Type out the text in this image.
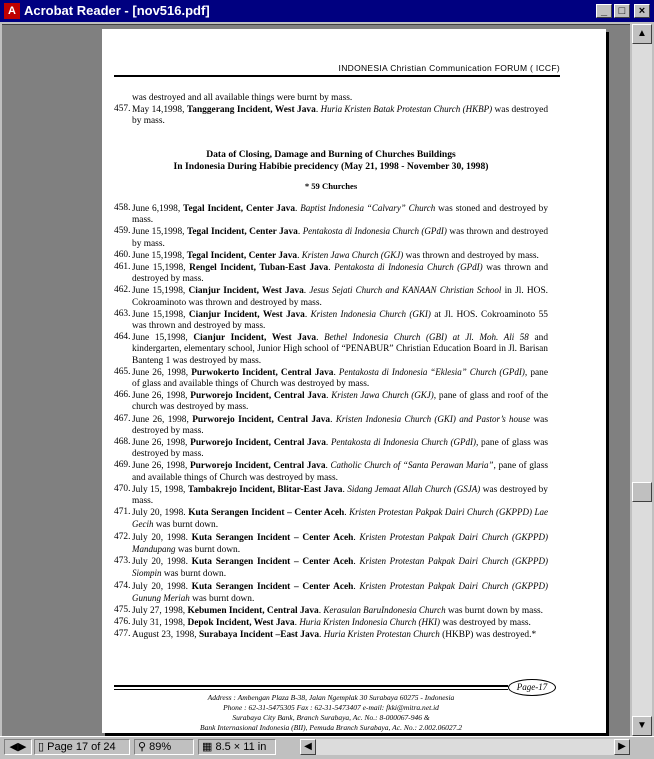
A Acrobat Reader - [nov516.pdf]	_	□	×
INDONESIA Christian Communication FORUM ( ICCF)
was destroyed and all available things were burnt by mass.
457. May 14,1998, Tanggerang Incident, West Java. Huria Kristen Batak Protestan Church (HKBP) was destroyed by mass.
Data of Closing, Damage and Burning of Churches Buildings
In Indonesia During Habibie precidency (May 21, 1998 - November 30, 1998)
* 59 Churches
458. June 6,1998, Tegal Incident, Center Java. Baptist Indonesia “Calvary” Church was stoned and destroyed by mass.
459. June 15,1998, Tegal Incident, Center Java. Pentakosta di Indonesia Church (GPdI) was thrown and destroyed by mass.
460. June 15,1998, Tegal Incident, Center Java. Kristen Jawa Church (GKJ) was thrown and destroyed by mass.
461. June 15,1998, Rengel Incident, Tuban-East Java. Pentakosta di Indonesia Church (GPdI) was thrown and destroyed by mass.
462. June 15,1998, Cianjur Incident, West Java. Jesus Sejati Church and KANAAN Christian School in Jl. HOS. Cokroaminoto was thrown and destroyed by mass.
463. June 15,1998, Cianjur Incident, West Java. Kristen Indonesia Church (GKI) at Jl. HOS. Cokroaminoto 55 was thrown and destroyed by mass.
464. June 15,1998, Cianjur Incident, West Java. Bethel Indonesia Church (GBI) at Jl. Moh. Ali 58 and kindergarten, elementary school, Junior High school of “PENABUR” Christian Education Board in Jl. Barisan Banteng 1 was destroyed by mass.
465. June 26, 1998, Purwokerto Incident, Central Java. Pentakosta di Indonesia “Eklesia” Church (GPdI), pane of glass and available things of Church was destroyed by mass.
466. June 26, 1998, Purworejo Incident, Central Java. Kristen Jawa Church (GKJ), pane of glass and roof of the church was destroyed by mass.
467. June 26, 1998, Purworejo Incident, Central Java. Kristen Indonesia Church (GKI) and Pastor’s house was destroyed by mass.
468. June 26, 1998, Purworejo Incident, Central Java. Pentakosta di Indonesia Church (GPdI), pane of glass was destroyed by mass.
469. June 26, 1998, Purworejo Incident, Central Java. Catholic Church of “Santa Perawan Maria”, pane of glass and available things of Church was destroyed by mass.
470. July 15, 1998, Tambakrejo Incident, Blitar-East Java. Sidang Jemaat Allah Church (GSJA) was destroyed by mass.
471. July 20, 1998. Kuta Serangen Incident – Center Aceh. Kristen Protestan Pakpak Dairi Church (GKPPD) Lae Gecih was burnt down.
472. July 20, 1998. Kuta Serangen Incident – Center Aceh. Kristen Protestan Pakpak Dairi Church (GKPPD) Mandupang was burnt down.
473. July 20, 1998. Kuta Serangen Incident – Center Aceh. Kristen Protestan Pakpak Dairi Church (GKPPD) Siompin was burnt down.
474. July 20, 1998. Kuta Serangen Incident – Center Aceh. Kristen Protestan Pakpak Dairi Church (GKPPD) Gunung Meriah was burnt down.
475. July 27, 1998, Kebumen Incident, Central Java. Kerasulan BaruIndonesia Church was burnt down by mass.
476. July 31, 1998, Depok Incident, West Java. Huria Kristen Indonesia Church (HKI) was destroyed by mass.
477. August 23, 1998, Surabaya Incident –East Java. Huria Kristen Protestan Church (HKBP) was destroyed.*
Page-17
Address : Ambengan Plaza B-38, Jalan Ngemplak 30 Surabaya 60275 - Indonesia
Phone : 62-31-5475305 Fax : 62-31-5473407 e-mail: fkki@mitra.net.id
Surabaya City Bank, Branch Surabaya, Ac. No.: 8-000067-946 &
Bank Internasional Indonesia (BII), Pemuda Branch Surabaya, Ac. No.: 2.002.06027.2
▲
▼
◀▶	▯ Page 17 of 24	⚲ 89%	▦ 8.5 × 11 in	◀	▶
